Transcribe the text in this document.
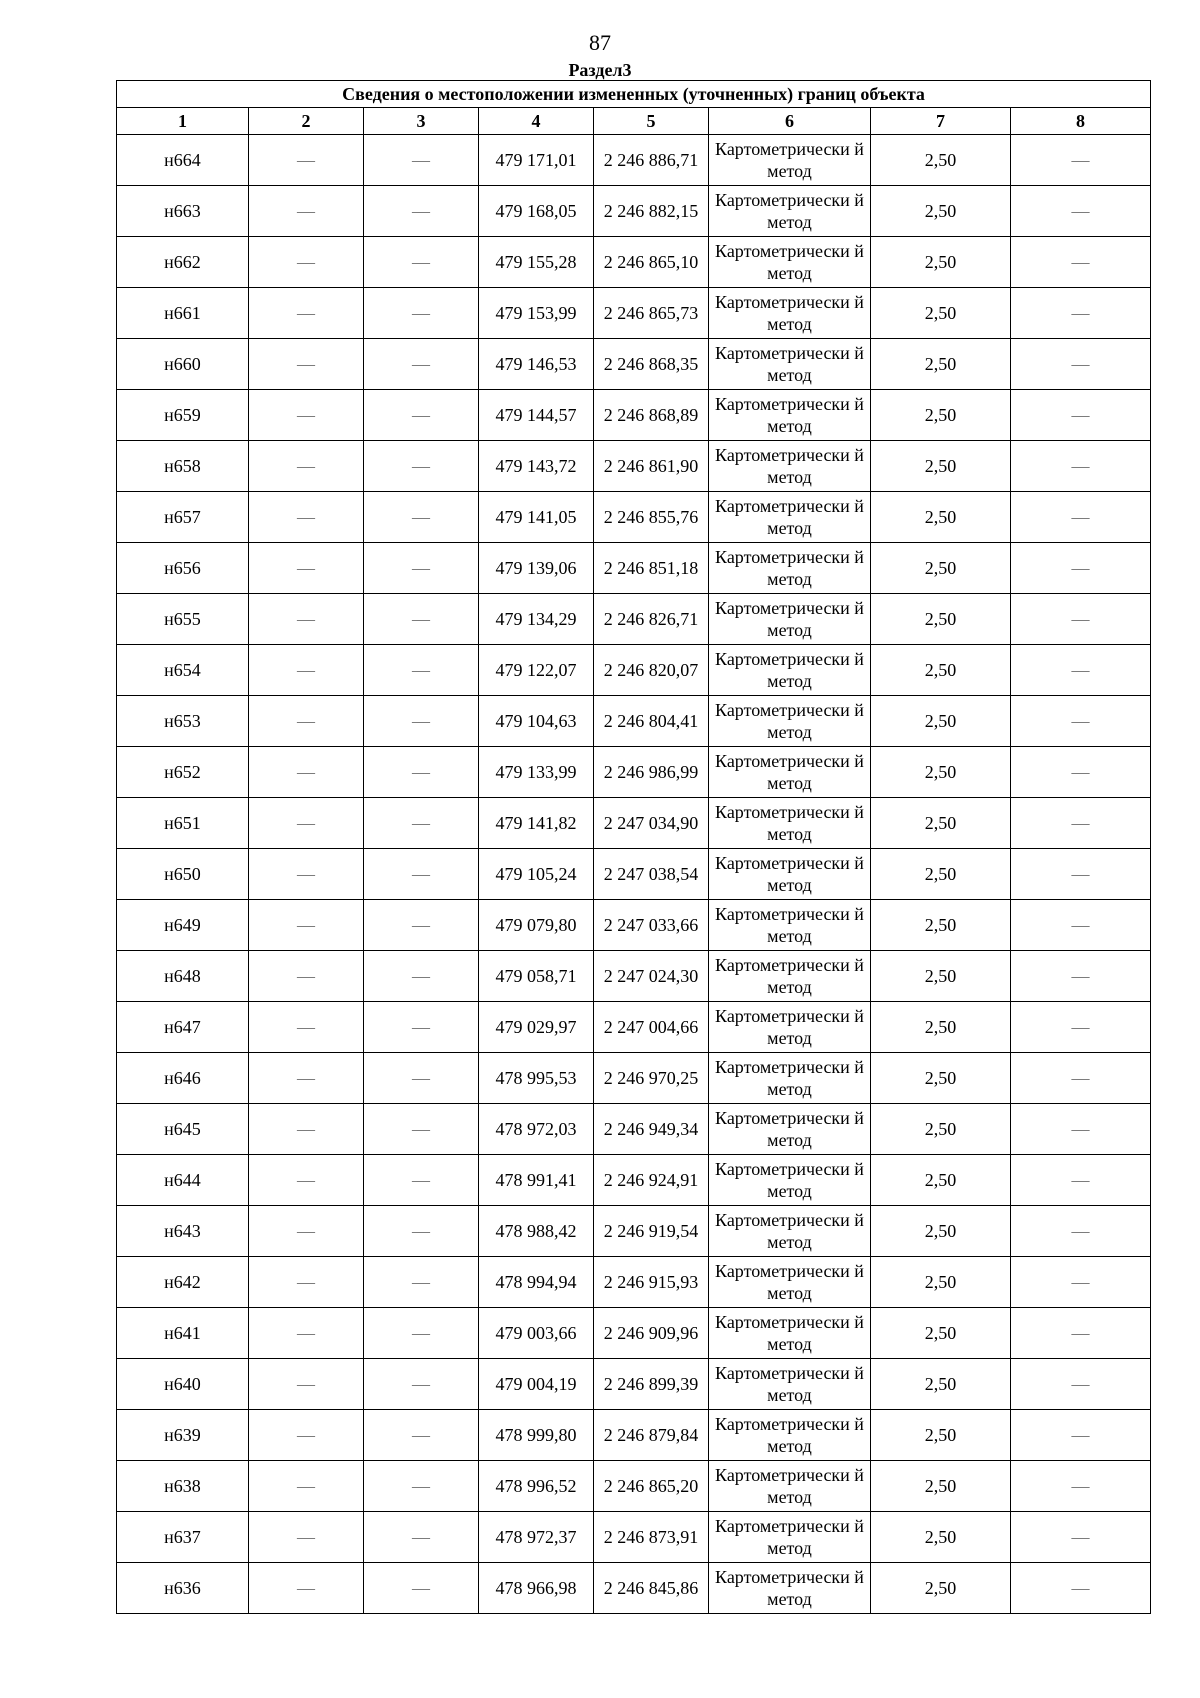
87
Раздел3
Сведения о местоположении измененных (уточненных) границ объекта							
1	2	3	4	5	6	7	8
н664	—	—	479 171,01	2 246 886,71	Картометрически й метод	2,50	—
н663	—	—	479 168,05	2 246 882,15	Картометрически й метод	2,50	—
н662	—	—	479 155,28	2 246 865,10	Картометрически й метод	2,50	—
н661	—	—	479 153,99	2 246 865,73	Картометрически й метод	2,50	—
н660	—	—	479 146,53	2 246 868,35	Картометрически й метод	2,50	—
н659	—	—	479 144,57	2 246 868,89	Картометрически й метод	2,50	—
н658	—	—	479 143,72	2 246 861,90	Картометрически й метод	2,50	—
н657	—	—	479 141,05	2 246 855,76	Картометрически й метод	2,50	—
н656	—	—	479 139,06	2 246 851,18	Картометрически й метод	2,50	—
н655	—	—	479 134,29	2 246 826,71	Картометрически й метод	2,50	—
н654	—	—	479 122,07	2 246 820,07	Картометрически й метод	2,50	—
н653	—	—	479 104,63	2 246 804,41	Картометрически й метод	2,50	—
н652	—	—	479 133,99	2 246 986,99	Картометрически й метод	2,50	—
н651	—	—	479 141,82	2 247 034,90	Картометрически й метод	2,50	—
н650	—	—	479 105,24	2 247 038,54	Картометрически й метод	2,50	—
н649	—	—	479 079,80	2 247 033,66	Картометрически й метод	2,50	—
н648	—	—	479 058,71	2 247 024,30	Картометрически й метод	2,50	—
н647	—	—	479 029,97	2 247 004,66	Картометрически й метод	2,50	—
н646	—	—	478 995,53	2 246 970,25	Картометрически й метод	2,50	—
н645	—	—	478 972,03	2 246 949,34	Картометрически й метод	2,50	—
н644	—	—	478 991,41	2 246 924,91	Картометрически й метод	2,50	—
н643	—	—	478 988,42	2 246 919,54	Картометрически й метод	2,50	—
н642	—	—	478 994,94	2 246 915,93	Картометрически й метод	2,50	—
н641	—	—	479 003,66	2 246 909,96	Картометрически й метод	2,50	—
н640	—	—	479 004,19	2 246 899,39	Картометрически й метод	2,50	—
н639	—	—	478 999,80	2 246 879,84	Картометрически й метод	2,50	—
н638	—	—	478 996,52	2 246 865,20	Картометрически й метод	2,50	—
н637	—	—	478 972,37	2 246 873,91	Картометрически й метод	2,50	—
н636	—	—	478 966,98	2 246 845,86	Картометрически й метод	2,50	—
